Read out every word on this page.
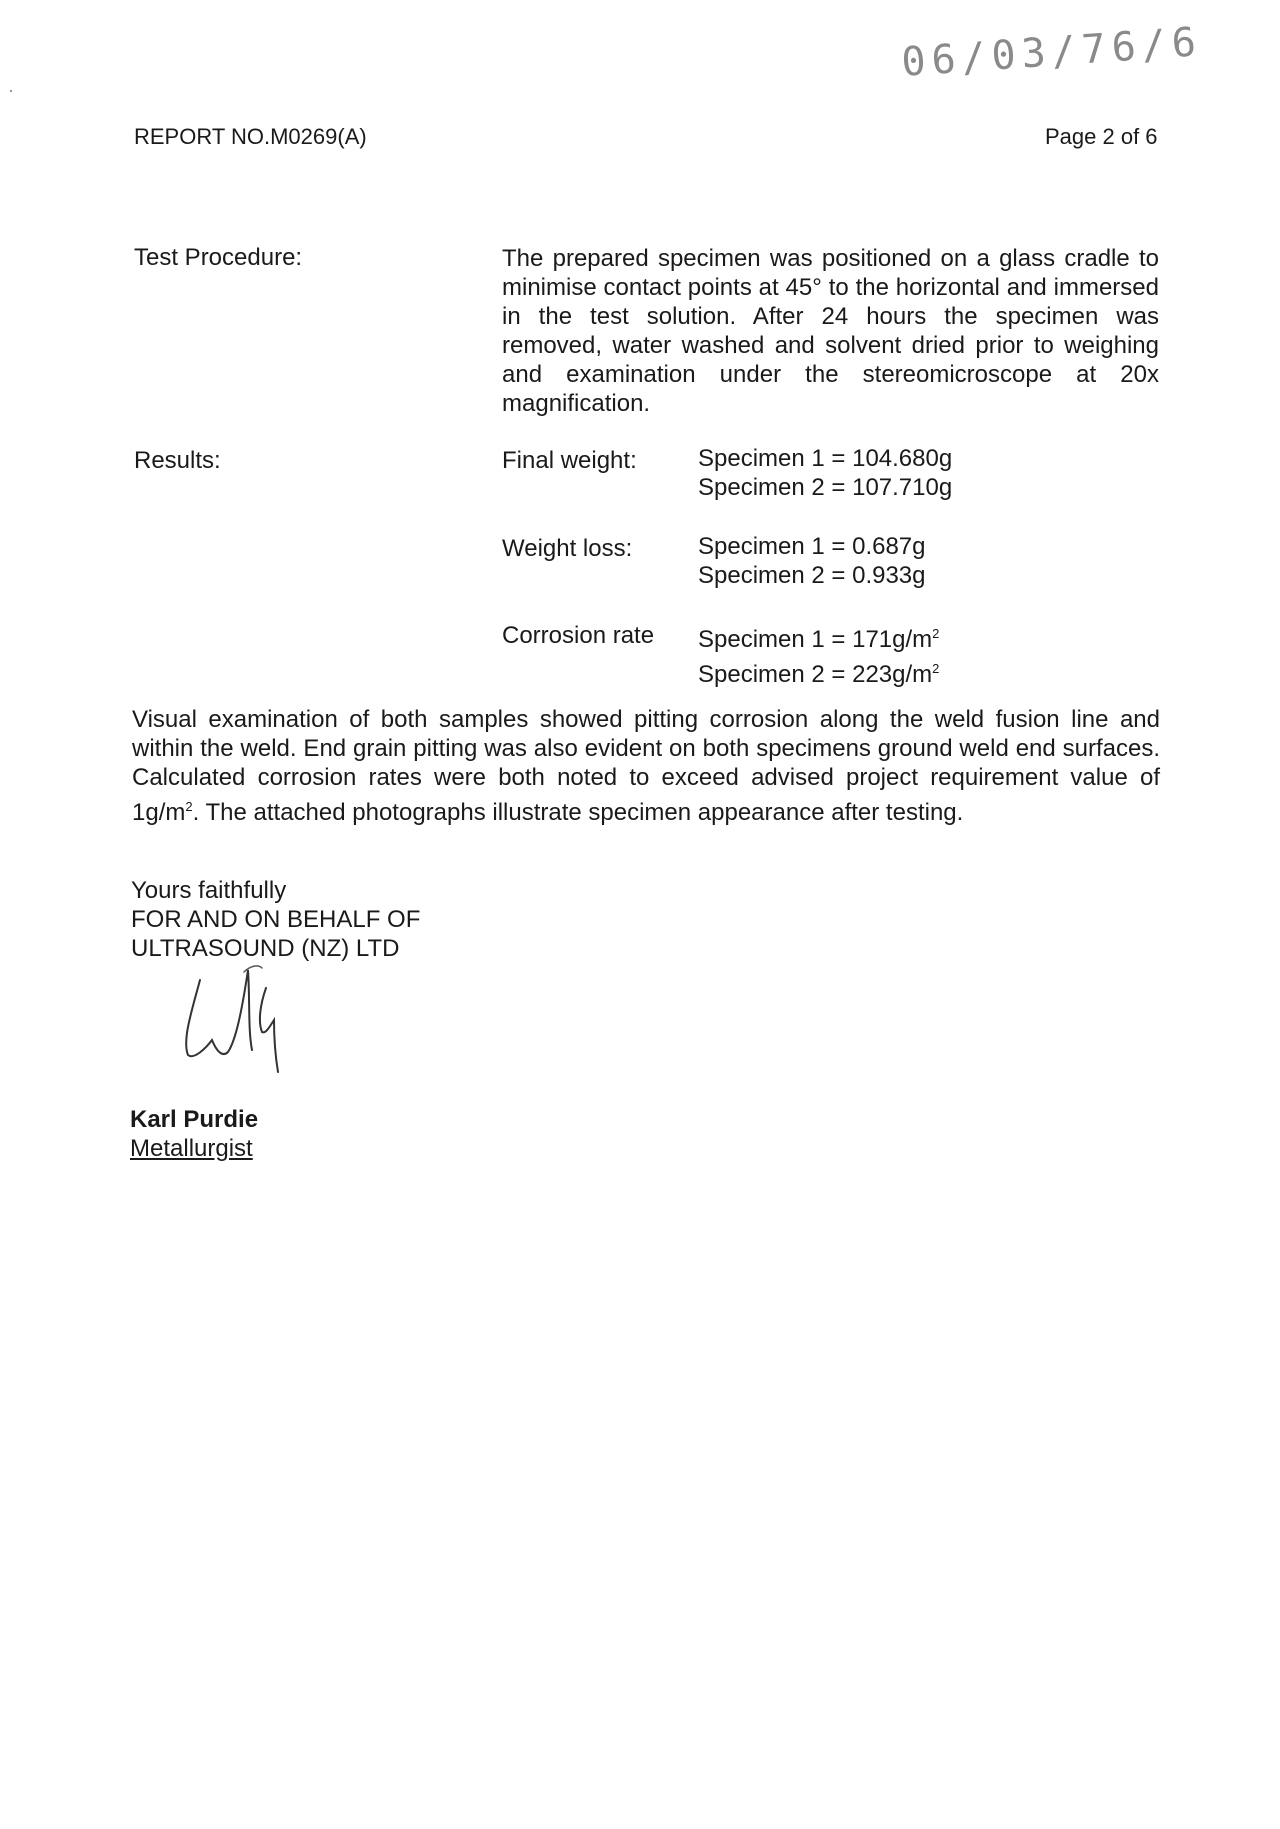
06/03/76/6
REPORT NO.M0269(A)	Page 2 of 6
Test Procedure:	The prepared specimen was positioned on a glass cradle to minimise contact points at 45° to the horizontal and immersed in the test solution. After 24 hours the specimen was removed, water washed and solvent dried prior to weighing and examination under the stereomicroscope at 20x magnification.
Results:	Final weight:	Specimen 1 = 104.680g
Specimen 2 = 107.710g
Weight loss:	Specimen 1 = 0.687g
Specimen 2 = 0.933g
Corrosion rate Specimen $1 = 171g/m^2$
Specimen $2 = 223g/m^2$
Visual examination of both samples showed pitting corrosion along the weld fusion line and within the weld. End grain pitting was also evident on both specimens ground weld end surfaces. Calculated corrosion rates were both noted to exceed advised project requirement value of $1g/m^2$. The attached photographs illustrate specimen appearance after testing.
Yours faithfully
FOR AND ON BEHALF OF
ULTRASOUND (NZ) LTD
Karl Purdie
Metallurgist
